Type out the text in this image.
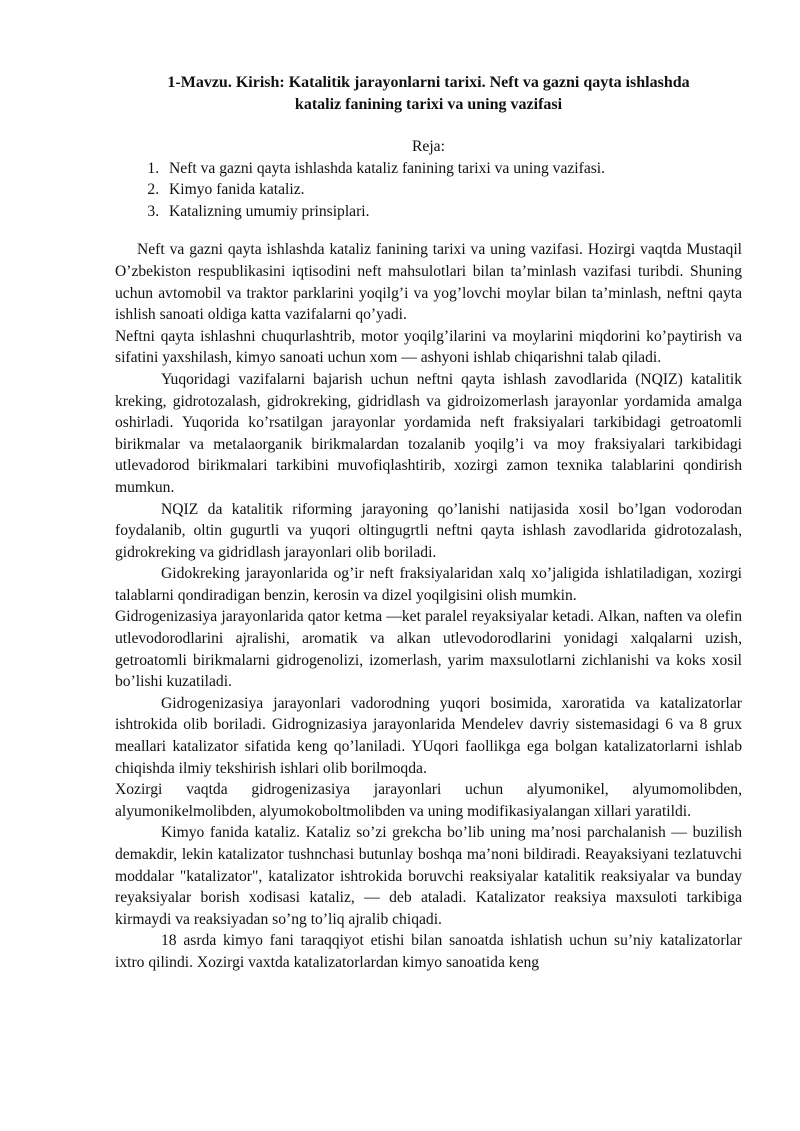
1-Mavzu. Kirish: Katalitik jarayonlarni tarixi. Neft va gazni qayta ishlashda
kataliz fanining tarixi va uning vazifasi
Reja:
1. Neft va gazni qayta ishlashda kataliz fanining tarixi va uning vazifasi.
2. Kimyo fanida kataliz.
3. Katalizning umumiy prinsiplari.

Neft va gazni qayta ishlashda kataliz fanining tarixi va uning vazifasi. Hozirgi vaqtda Mustaqil O’zbekiston respublikasini iqtisodini neft mahsulotlari bilan ta’minlash vazifasi turibdi. Shuning uchun avtomobil va traktor parklarini yoqilg’i va yog’lovchi moylar bilan ta’minlash, neftni qayta ishlish sanoati oldiga katta vazifalarni qo’yadi.

Neftni qayta ishlashni chuqurlashtrib, motor yoqilg’ilarini va moylarini miqdorini ko’paytirish va sifatini yaxshilash, kimyo sanoati uchun xom — ashyoni ishlab chiqarishni talab qiladi.

Yuqoridagi vazifalarni bajarish uchun neftni qayta ishlash zavodlarida (NQIZ) katalitik kreking, gidrotozalash, gidrokreking, gidridlash va gidroizomerlash jarayonlar yordamida amalga oshirladi. Yuqorida ko’rsatilgan jarayonlar yordamida neft fraksiyalari tarkibidagi getroatomli birikmalar va metalaorganik birikmalardan tozalanib yoqilg’i va moy fraksiyalari tarkibidagi utlevadorod birikmalari tarkibini muvofiqlashtirib, xozirgi zamon texnika talablarini qondirish mumkun.

NQIZ da katalitik riforming jarayoning qo’lanishi natijasida xosil bo’lgan vodorodan foydalanib, oltin gugurtli va yuqori oltingugrtli neftni qayta ishlash zavodlarida gidrotozalash, gidrokreking va gidridlash jarayonlari olib boriladi.

Gidokreking jarayonlarida og’ir neft fraksiyalaridan xalq xo’jaligida ishlatiladigan, xozirgi talablarni qondiradigan benzin, kerosin va dizel yoqilgisini olish mumkin.

Gidrogenizasiya jarayonlarida qator ketma —ket paralel reyaksiyalar ketadi. Alkan, naften va olefin utlevodorodlarini ajralishi, aromatik va alkan utlevodorodlarini yonidagi xalqalarni uzish, getroatomli birikmalarni gidrogenolizi, izomerlash, yarim maxsulotlarni zichlanishi va koks xosil bo’lishi kuzatiladi.

Gidrogenizasiya jarayonlari vadorodning yuqori bosimida, xaroratida va katalizatorlar ishtrokida olib boriladi. Gidrognizasiya jarayonlarida Mendelev davriy sistemasidagi 6 va 8 grux meallari katalizator sifatida keng qo’laniladi. YUqori faollikga ega bolgan katalizatorlarni ishlab chiqishda ilmiy tekshirish ishlari olib borilmoqda.

Xozirgi vaqtda gidrogenizasiya jarayonlari uchun alyumonikel, alyumomolibden, alyumonikelmolibden, alyumokoboltmolibden va uning modifikasiyalangan xillari yaratildi.

Kimyo fanida kataliz. Kataliz so’zi grekcha bo’lib uning ma’nosi parchalanish — buzilish demakdir, lekin katalizator tushnchasi butunlay boshqa ma’noni bildiradi. Reayaksiyani tezlatuvchi moddalar "katalizator", katalizator ishtrokida boruvchi reaksiyalar katalitik reaksiyalar va bunday reyaksiyalar borish xodisasi kataliz, — deb ataladi. Katalizator reaksiya maxsuloti tarkibiga kirmaydi va reaksiyadan so’ng to’liq ajralib chiqadi.

18 asrda kimyo fani taraqqiyot etishi bilan sanoatda ishlatish uchun su’niy katalizatorlar ixtro qilindi. Xozirgi vaxtda katalizatorlardan kimyo sanoatida keng
